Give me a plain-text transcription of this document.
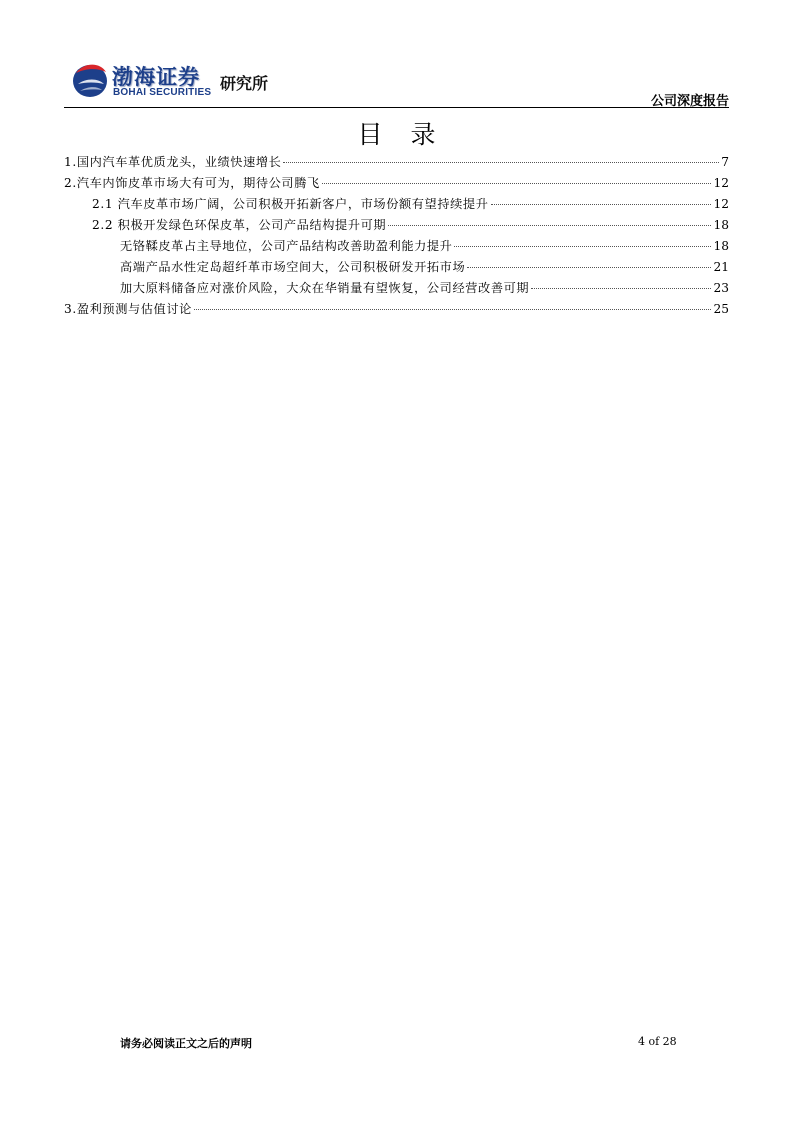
渤海证券
BOHAI SECURITIES 研究所
公司深度报告
目录
1.国内汽车革优质龙头，业绩快速增长	7
2.汽车内饰皮革市场大有可为，期待公司腾飞	12
2.1 汽车皮革市场广阔，公司积极开拓新客户，市场份额有望持续提升	12
2.2 积极开发绿色环保皮革，公司产品结构提升可期	18
无铬鞣皮革占主导地位，公司产品结构改善助盈利能力提升	18
高端产品水性定岛超纤革市场空间大，公司积极研发开拓市场	21
加大原料储备应对涨价风险，大众在华销量有望恢复，公司经营改善可期	23
3.盈利预测与估值讨论	25
请务必阅读正文之后的声明	4 of 28
